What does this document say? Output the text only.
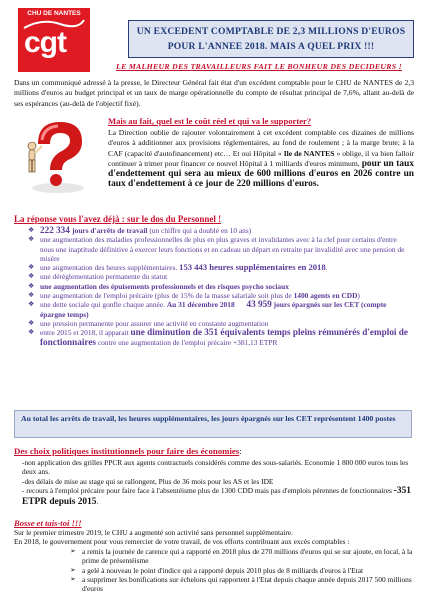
CHU DE NANTES
cgt	UN EXCEDENT COMPTABLE DE 2,3 MILLIONS D'EUROS
POUR L'ANNEE 2018. MAIS A QUEL PRIX !!!
LE MALHEUR DES TRAVAILLEURS FAIT LE BONHEUR DES DECIDEURS !
Dans un communiqué adressé à la presse, le Directeur Général fait état d'un excédent comptable pour le CHU de NANTES de 2,3 millions d'euros au budget principal et un taux de marge opérationnelle du compte de résultat principal de 7,6%, allant au-delà de ses espérances (au-delà de l'objectif fixé).
Mais au fait, quel est le coût réel et qui va le supporter?
La Direction oublie de rajouter volontairement à cet excédent comptable ces dizaines de millions d'euros à additionner aux provisions réglementaires, au fond de roulement ; à la marge brute; à la CAF (capacité d'autofinancement) etc… Et oui Hôpital « Ile de NANTES » oblige, il va bien falloir continuer à trimer pour financer ce nouvel Hôpital à 1 milliards d'euros minimum, pour un taux d'endettement qui sera au mieux de 600 millions d'euros en 2026 contre un taux d'endettement à ce jour de 220 millions d'euros.
La réponse vous l'avez déjà : sur le dos du Personnel !
❖ 222 334 jours d'arrêts de travail (un chiffre qui a doublé en 10 ans)
❖ une augmentation des maladies professionnelles de plus en plus graves et invalidantes avec à la clef pour certains d'entre nous une inaptitude définitive à exercer leurs fonctions et en cadeau un départ en retraite par invalidité avec une pension de misère
❖ une augmentation des heures supplémentaires. 153 443 heures supplémentaires en 2018.
❖ une dérèglementation permanente du statut
❖ une augmentation des épuisements professionnels et des risques psycho sociaux
❖ une augmentation de l'emploi précaire (plus de 15% de la masse salariale soit plus de 1400 agents en CDD)
❖ une dette sociale qui gonfle chaque année. Au 31 décembre 2018 43 959 jours épargnés sur les CET (compte épargne temps)
❖ une pression permanente pour assurer une activité en constante augmentation
❖ entre 2015 et 2018, il apparait une diminution de 351 équivalents temps pleins rémunérés d'emploi de fonctionnaires contre une augmentation de l'emploi précaire +381,13 ETPR
Au total les arrêts de travail, les heures supplémentaires, les jours épargnés sur les CET représentent 1400 postes
Des choix politiques institutionnels pour faire des économies:
-non application des grilles PPCR aux agents contractuels considérés comme des sous-salariés. Economie 1 800 000 euros tous les deux ans.
-des délais de mise au stage qui se rallongent, Plus de 36 mois pour les AS et les IDE
- recours à l'emploi précaire pour faire face à l'absentéisme plus de 1300 CDD mais pas d'emplois pérennes de fonctionnaires -351 ETPR depuis 2015.
Bosse et tais-toi !!!
Sur le premier trimestre 2019, le CHU a augmenté son activité sans personnel supplémentaire.
En 2018, le gouvernement pour vous remercier de votre travail, de vos efforts contribuant aux excès comptables :
➢ a remis la journée de carence qui a rapporté en 2018 plus de 270 millions d'euros qui se sur ajoute, en local, à la prime de présentéisme
➢ a gelé à nouveau le point d'indice qui a rapporté depuis 2010 plus de 8 milliards d'euros à l'Etat
➢ a supprimer les bonifications sur échelons qui rapportent à l'Etat depuis chaque année depuis 2017 500 millions d'euros
